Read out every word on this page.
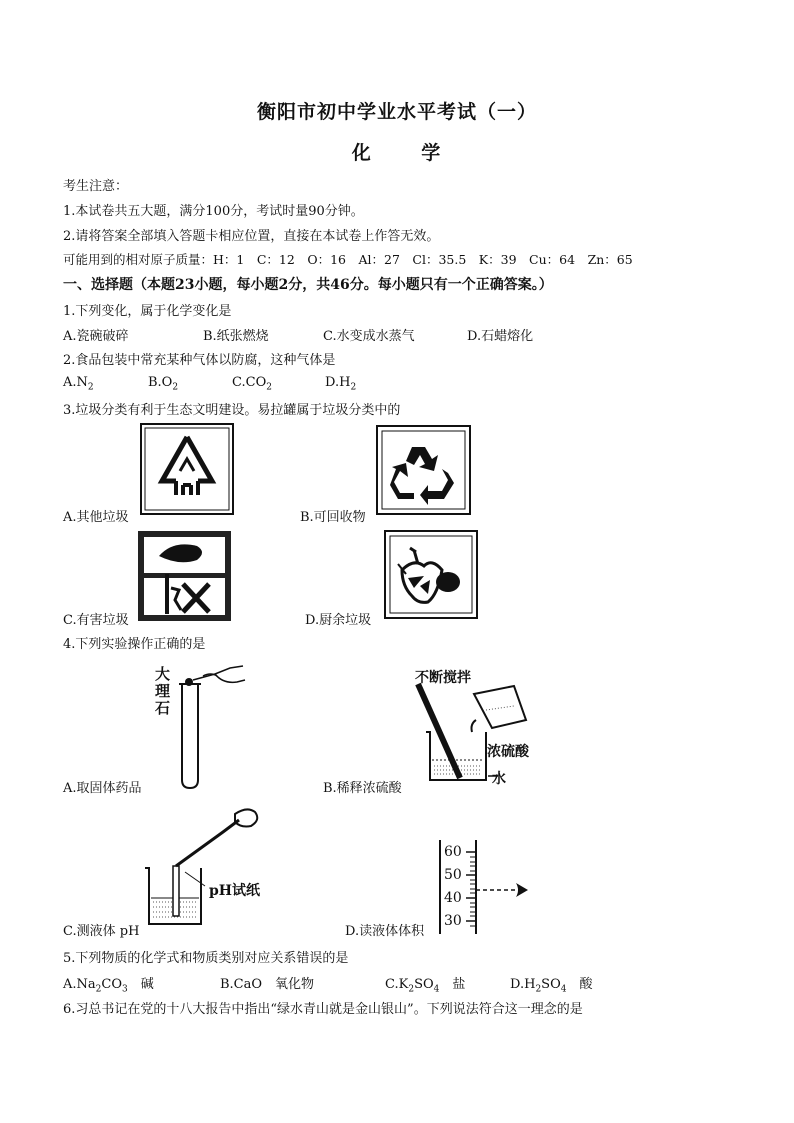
衡阳市初中学业水平考试（一）
化 学
考生注意：
1.本试卷共五大题，满分100分，考试时量90分钟。
2.请将答案全部填入答题卡相应位置，直接在本试卷上作答无效。
可能用到的相对原子质量：H：1　C：12　O：16　Al：27　Cl：35.5　K：39　Cu：64　Zn：65
一、选择题（本题23小题，每小题2分，共46分。每小题只有一个正确答案。）
1.下列变化，属于化学变化是
A.瓷碗破碎	B.纸张燃烧	C.水变成水蒸气	D.石蜡熔化
2.食品包装中常充某种气体以防腐，这种气体是
$A.N_2$	$B.O_2$	$C.CO_2$	$D.H_2$
3.垃圾分类有利于生态文明建设。易拉罐属于垃圾分类中的
A.其他垃圾	B.可回收物
C.有害垃圾	D.厨余垃圾
4.下列实验操作正确的是
大理石
A.取固体药品
不断搅拌
浓硫酸
水
B.稀释浓硫酸
pH试纸
C.测液体 pH
60
50
40
30
D.读液体体积
5.下列物质的化学式和物质类别对应关系错误的是
$A.Na_2CO_3$　碱	B.CaO　氧化物	$C.K_2SO_4$　盐	$D.H_2SO_4$　酸
6.习总书记在党的十八大报告中指出“绿水青山就是金山银山”。下列说法符合这一理念的是
